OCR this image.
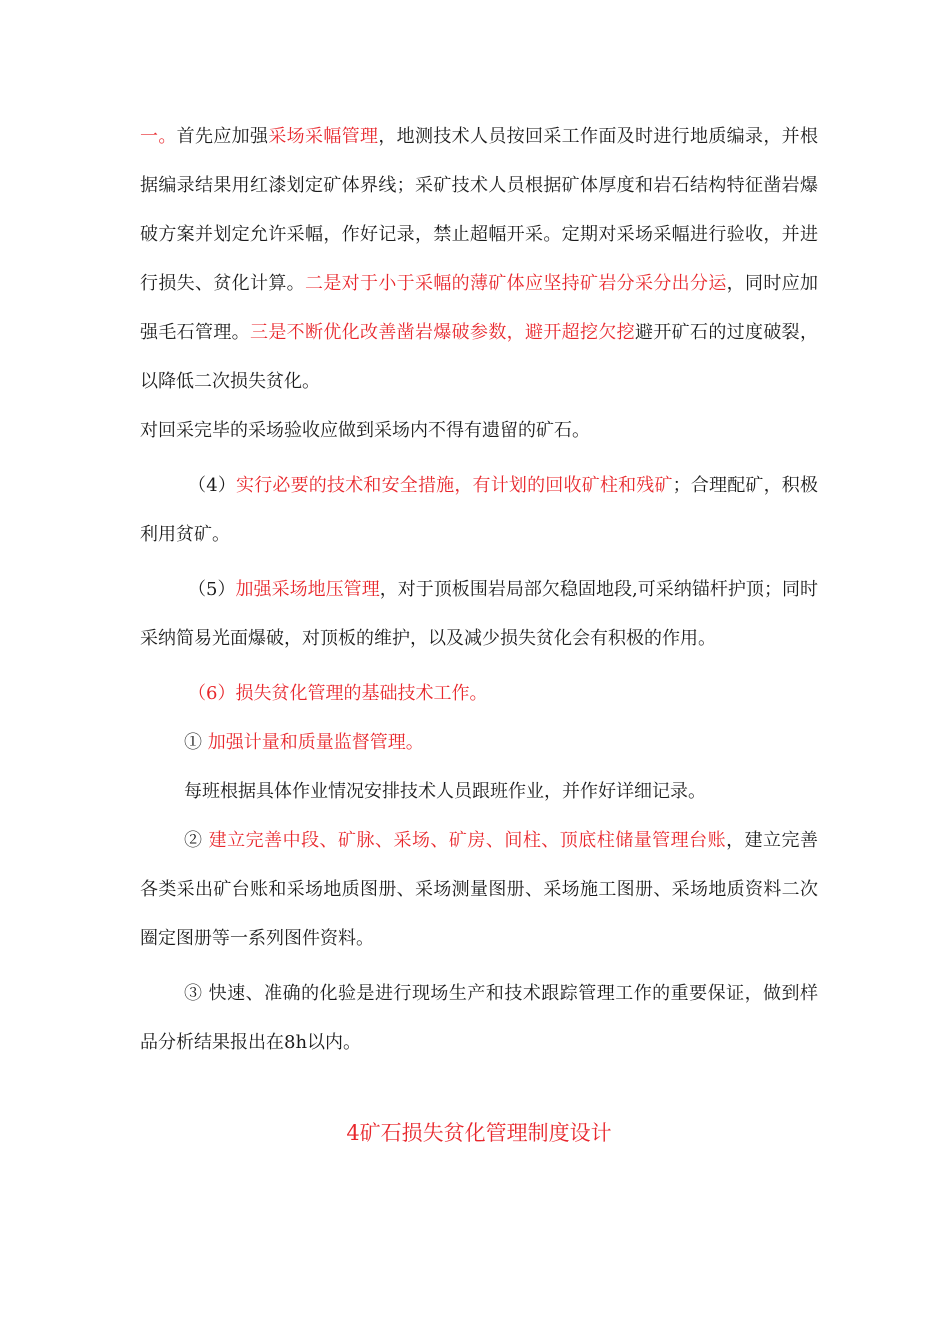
一。首先应加强采场采幅管理，地测技术人员按回采工作面及时进行地质编录，并根据编录结果用红漆划定矿体界线；采矿技术人员根据矿体厚度和岩石结构特征凿岩爆破方案并划定允许采幅，作好记录，禁止超幅开采。定期对采场采幅进行验收，并进行损失、贫化计算。二是对于小于采幅的薄矿体应坚持矿岩分采分出分运，同时应加强毛石管理。三是不断优化改善凿岩爆破参数，避开超挖欠挖避开矿石的过度破裂，以降低二次损失贫化。

对回采完毕的采场验收应做到采场内不得有遗留的矿石。

（4）实行必要的技术和安全措施，有计划的回收矿柱和残矿；合理配矿，积极利用贫矿。

（5）加强采场地压管理，对于顶板围岩局部欠稳固地段,可采纳锚杆护顶；同时采纳简易光面爆破，对顶板的维护，以及减少损失贫化会有积极的作用。

（6）损失贫化管理的基础技术工作。

① 加强计量和质量监督管理。

每班根据具体作业情况安排技术人员跟班作业，并作好详细记录。

② 建立完善中段、矿脉、采场、矿房、间柱、顶底柱储量管理台账，建立完善各类采出矿台账和采场地质图册、采场测量图册、采场施工图册、采场地质资料二次圈定图册等一系列图件资料。

③ 快速、准确的化验是进行现场生产和技术跟踪管理工作的重要保证，做到样品分析结果报出在8h以内。

4矿石损失贫化管理制度设计
